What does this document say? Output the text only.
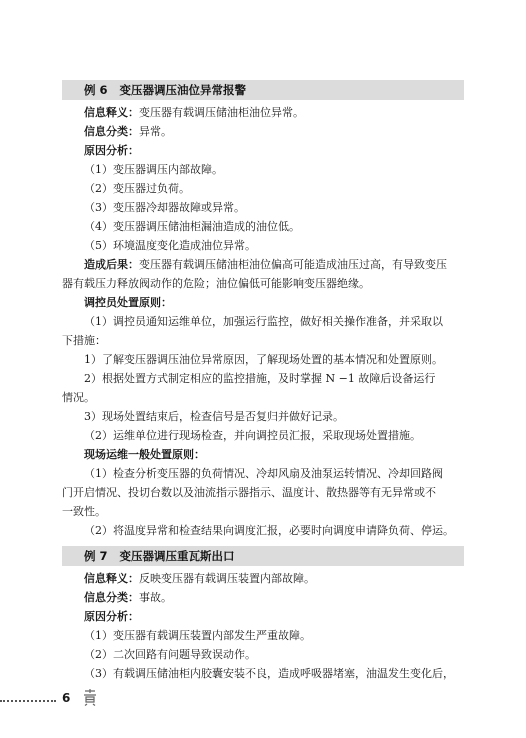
例 6 变压器调压油位异常报警
信息释义：变压器有载调压储油柜油位异常。
信息分类：异常。
原因分析：
（1）变压器调压内部故障。
（2）变压器过负荷。
（3）变压器冷却器故障或异常。
（4）变压器调压储油柜漏油造成的油位低。
（5）环境温度变化造成油位异常。
造成后果：变压器有载调压储油柜油位偏高可能造成油压过高，有导致变压
器有载压力释放阀动作的危险；油位偏低可能影响变压器绝缘。
调控员处置原则：
（1）调控员通知运维单位，加强运行监控，做好相关操作准备，并采取以
下措施：
1）了解变压器调压油位异常原因，了解现场处置的基本情况和处置原则。
2）根据处置方式制定相应的监控措施，及时掌握 N −1 故障后设备运行
情况。
3）现场处置结束后，检查信号是否复归并做好记录。
（2）运维单位进行现场检查，并向调控员汇报，采取现场处置措施。
现场运维一般处置原则：
（1）检查分析变压器的负荷情况、冷却风扇及油泵运转情况、冷却回路阀
门开启情况、投切台数以及油流指示器指示、温度计、散热器等有无异常或不
一致性。
（2）将温度异常和检查结果向调度汇报，必要时向调度申请降负荷、停运。
例 7 变压器调压重瓦斯出口
信息释义：反映变压器有载调压装置内部故障。
信息分类：事故。
原因分析：
（1）变压器有载调压装置内部发生严重故障。
（2）二次回路有问题导致误动作。
（3）有载调压储油柜内胶囊安装不良，造成呼吸器堵塞，油温发生变化后，
6
